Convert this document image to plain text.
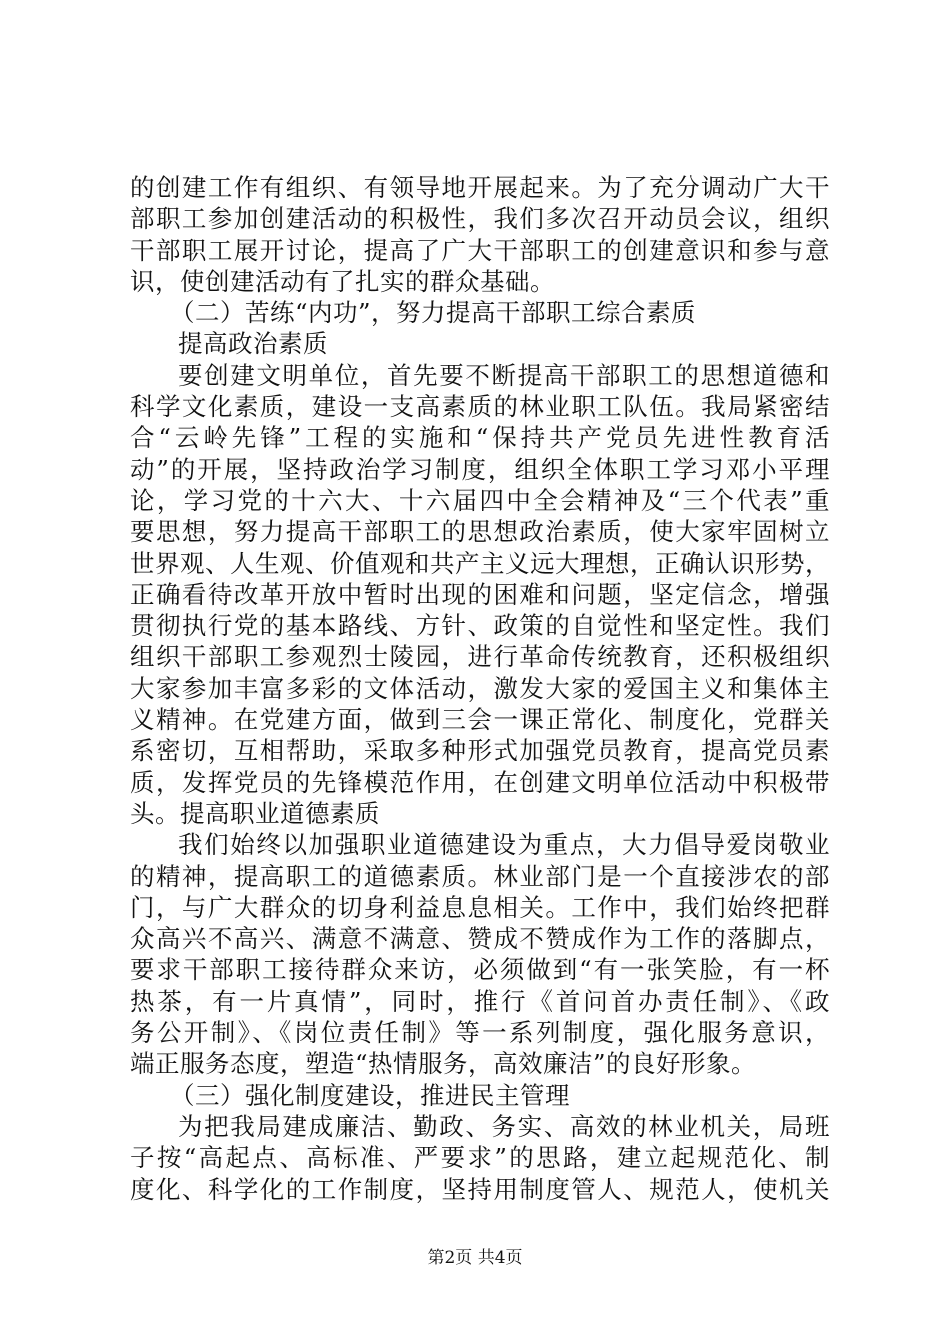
的创建工作有组织、有领导地开展起来。为了充分调动广大干
部职工参加创建活动的积极性，我们多次召开动员会议，组织
干部职工展开讨论，提高了广大干部职工的创建意识和参与意
识，使创建活动有了扎实的群众基础。
（二）苦练“内功”，努力提高干部职工综合素质
提高政治素质
要创建文明单位，首先要不断提高干部职工的思想道德和
科学文化素质，建设一支高素质的林业职工队伍。我局紧密结
合“云岭先锋”工程的实施和“保持共产党员先进性教育活
动”的开展，坚持政治学习制度，组织全体职工学习邓小平理
论，学习党的十六大、十六届四中全会精神及“三个代表”重
要思想，努力提高干部职工的思想政治素质，使大家牢固树立
世界观、人生观、价值观和共产主义远大理想，正确认识形势，
正确看待改革开放中暂时出现的困难和问题，坚定信念，增强
贯彻执行党的基本路线、方针、政策的自觉性和坚定性。我们
组织干部职工参观烈士陵园，进行革命传统教育，还积极组织
大家参加丰富多彩的文体活动，激发大家的爱国主义和集体主
义精神。在党建方面，做到三会一课正常化、制度化，党群关
系密切，互相帮助，采取多种形式加强党员教育，提高党员素
质，发挥党员的先锋模范作用，在创建文明单位活动中积极带
头。提高职业道德素质
我们始终以加强职业道德建设为重点，大力倡导爱岗敬业
的精神，提高职工的道德素质。林业部门是一个直接涉农的部
门，与广大群众的切身利益息息相关。工作中，我们始终把群
众高兴不高兴、满意不满意、赞成不赞成作为工作的落脚点，
要求干部职工接待群众来访，必须做到“有一张笑脸，有一杯
热茶，有一片真情”，同时，推行《首问首办责任制》、《政
务公开制》、《岗位责任制》等一系列制度，强化服务意识，
端正服务态度，塑造“热情服务，高效廉洁”的良好形象。
（三）强化制度建设，推进民主管理
为把我局建成廉洁、勤政、务实、高效的林业机关，局班
子按“高起点、高标准、严要求”的思路，建立起规范化、制
度化、科学化的工作制度，坚持用制度管人、规范人，使机关
第2页 共4页
